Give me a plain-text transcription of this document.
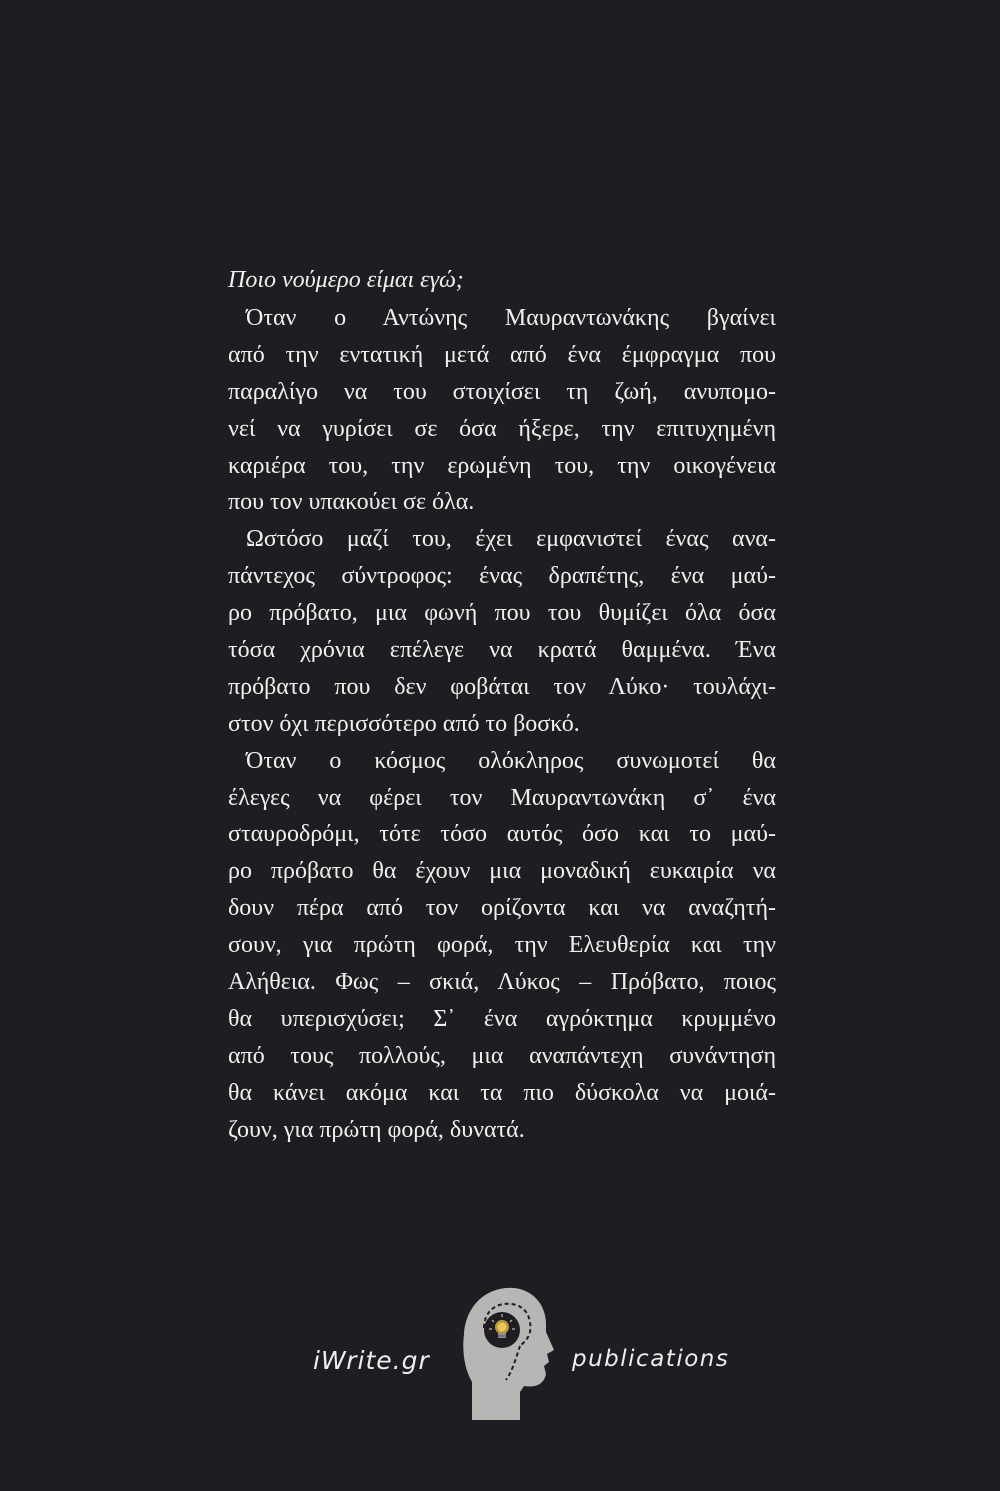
Ποιο νούμερο είμαι εγώ;
Όταν ο Αντώνης Μαυραντωνάκης βγαίνει
από την εντατική μετά από ένα έμφραγμα που
παραλίγο να του στοιχίσει τη ζωή, ανυπομο-
νεί να γυρίσει σε όσα ήξερε, την επιτυχημένη
καριέρα του, την ερωμένη του, την οικογένεια
που τον υπακούει σε όλα.
Ωστόσο μαζί του, έχει εμφανιστεί ένας ανα-
πάντεχος σύντροφος: ένας δραπέτης, ένα μαύ-
ρο πρόβατο, μια φωνή που του θυμίζει όλα όσα
τόσα χρόνια επέλεγε να κρατά θαμμένα. Ένα
πρόβατο που δεν φοβάται τον Λύκο· τουλάχι-
στον όχι περισσότερο από το βοσκό.
Όταν ο κόσμος ολόκληρος συνωμοτεί θα
έλεγες να φέρει τον Μαυραντωνάκη σ᾽ ένα
σταυροδρόμι, τότε τόσο αυτός όσο και το μαύ-
ρο πρόβατο θα έχουν μια μοναδική ευκαιρία να
δουν πέρα από τον ορίζοντα και να αναζητή-
σουν, για πρώτη φορά, την Ελευθερία και την
Αλήθεια. Φως – σκιά, Λύκος – Πρόβατο, ποιος
θα υπερισχύσει; Σ᾽ ένα αγρόκτημα κρυμμένο
από τους πολλούς, μια αναπάντεχη συνάντηση
θα κάνει ακόμα και τα πιο δύσκολα να μοιά-
ζουν, για πρώτη φορά, δυνατά.
iWrite.gr	publications
